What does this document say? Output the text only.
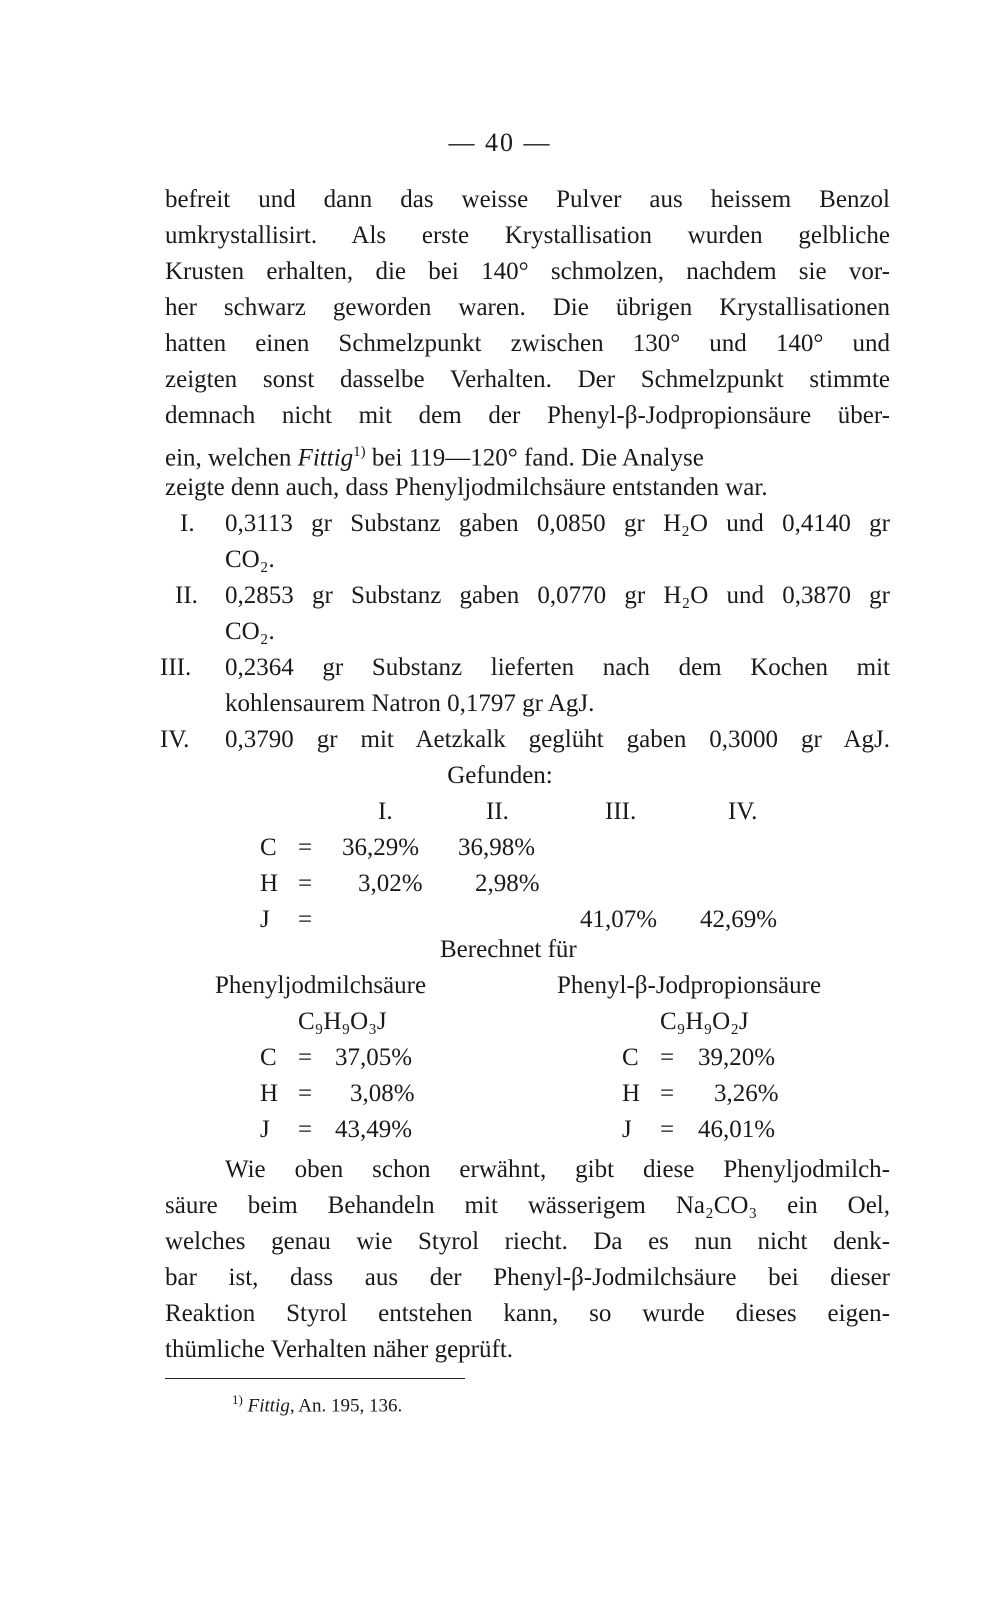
— 40 —
befreit und dann das weisse Pulver aus heissem Benzol
umkrystallisirt. Als erste Krystallisation wurden gelbliche
Krusten erhalten, die bei 140° schmolzen, nachdem sie vor-
her schwarz geworden waren. Die übrigen Krystallisationen
hatten einen Schmelzpunkt zwischen 130° und 140° und
zeigten sonst dasselbe Verhalten. Der Schmelzpunkt stimmte
demnach nicht mit dem der Phenyl-β-Jodpropionsäure über-
ein, welchen Fittig$^{1)}$ bei 119—120° fand. Die Analyse
zeigte denn auch, dass Phenyljodmilchsäure entstanden war.
I. 0,3113 gr Substanz gaben 0,0850 gr H₂O und 0,4140 gr
CO₂.
II. 0,2853 gr Substanz gaben 0,0770 gr H₂O und 0,3870 gr
CO₂.
III. 0,2364 gr Substanz lieferten nach dem Kochen mit
kohlensaurem Natron 0,1797 gr AgJ.
IV. 0,3790 gr mit Aetzkalk geglüht gaben 0,3000 gr AgJ.
Gefunden:
I.	II.	III.	IV.
C = 36,29% 36,98%
H = 3,02% 2,98%
J =	41,07% 42,69%
Berechnet für
Phenyljodmilchsäure	Phenyl-β-Jodpropionsäure
C₉H₉O₃J	C₉H₉O₂J
C = 37,05%	C = 39,20%
H = 3,08%	H = 3,26%
J = 43,49%	J = 46,01%
Wie oben schon erwähnt, gibt diese Phenyljodmilch-
säure beim Behandeln mit wässerigem Na₂CO₃ ein Oel,
welches genau wie Styrol riecht. Da es nun nicht denk-
bar ist, dass aus der Phenyl-β-Jodmilchsäure bei dieser
Reaktion Styrol entstehen kann, so wurde dieses eigen-
thümliche Verhalten näher geprüft.
$^{1)}$ Fittig, An. 195, 136.
